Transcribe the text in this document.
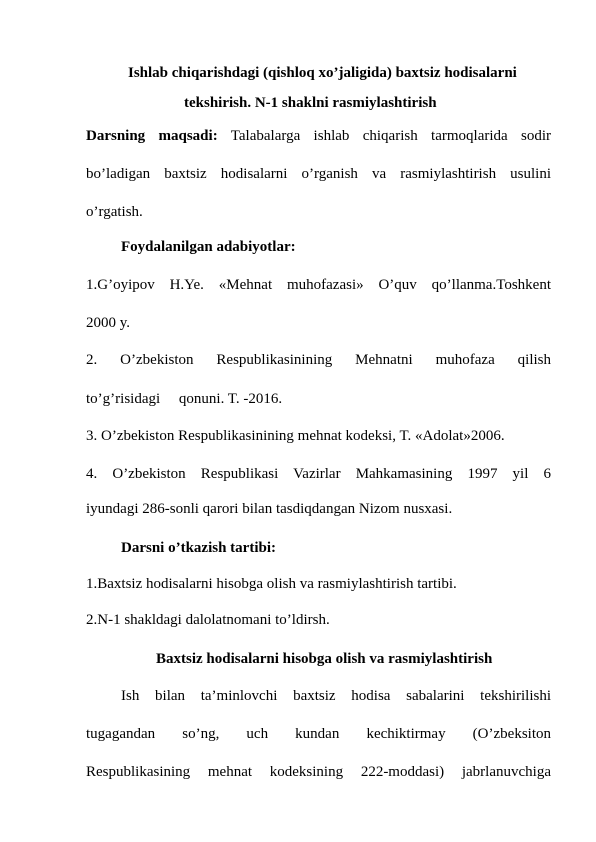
Ishlab chiqarishdagi (qishloq xo’jaligida) baxtsiz hodisalarni
tekshirish. N-1 shaklni rasmiylashtirish
Darsning maqsadi: Talabalarga ishlab chiqarish tarmoqlarida sodir
bo’ladigan baxtsiz hodisalarni o’rganish va rasmiylashtirish usulini
o’rgatish.
Foydalanilgan adabiyotlar:
1.G’oyipov H.Ye. «Mehnat muhofazasi» O’quv qo’llanma.Toshkent
2000 y.
2. O’zbekiston Respublikasinining Mehnatni muhofaza qilish
to’g’risidagi     qonuni. T. -2016.
3. O’zbekiston Respublikasinining mehnat kodeksi, T. «Adolat»2006.
4. O’zbekiston Respublikasi Vazirlar Mahkamasining 1997 yil 6
iyundagi 286-sonli qarori bilan tasdiqdangan Nizom nusxasi.
Darsni o’tkazish tartibi:
1.Baxtsiz hodisalarni hisobga olish va rasmiylashtirish tartibi.
2.N-1 shakldagi dalolatnomani to’ldirsh.
Baxtsiz hodisalarni hisobga olish va rasmiylashtirish
Ish bilan ta’minlovchi baxtsiz hodisa sabalarini tekshirilishi
tugagandan so’ng, uch kundan kechiktirmay (O’zbeksiton
Respublikasining mehnat kodeksining 222-moddasi) jabrlanuvchiga
